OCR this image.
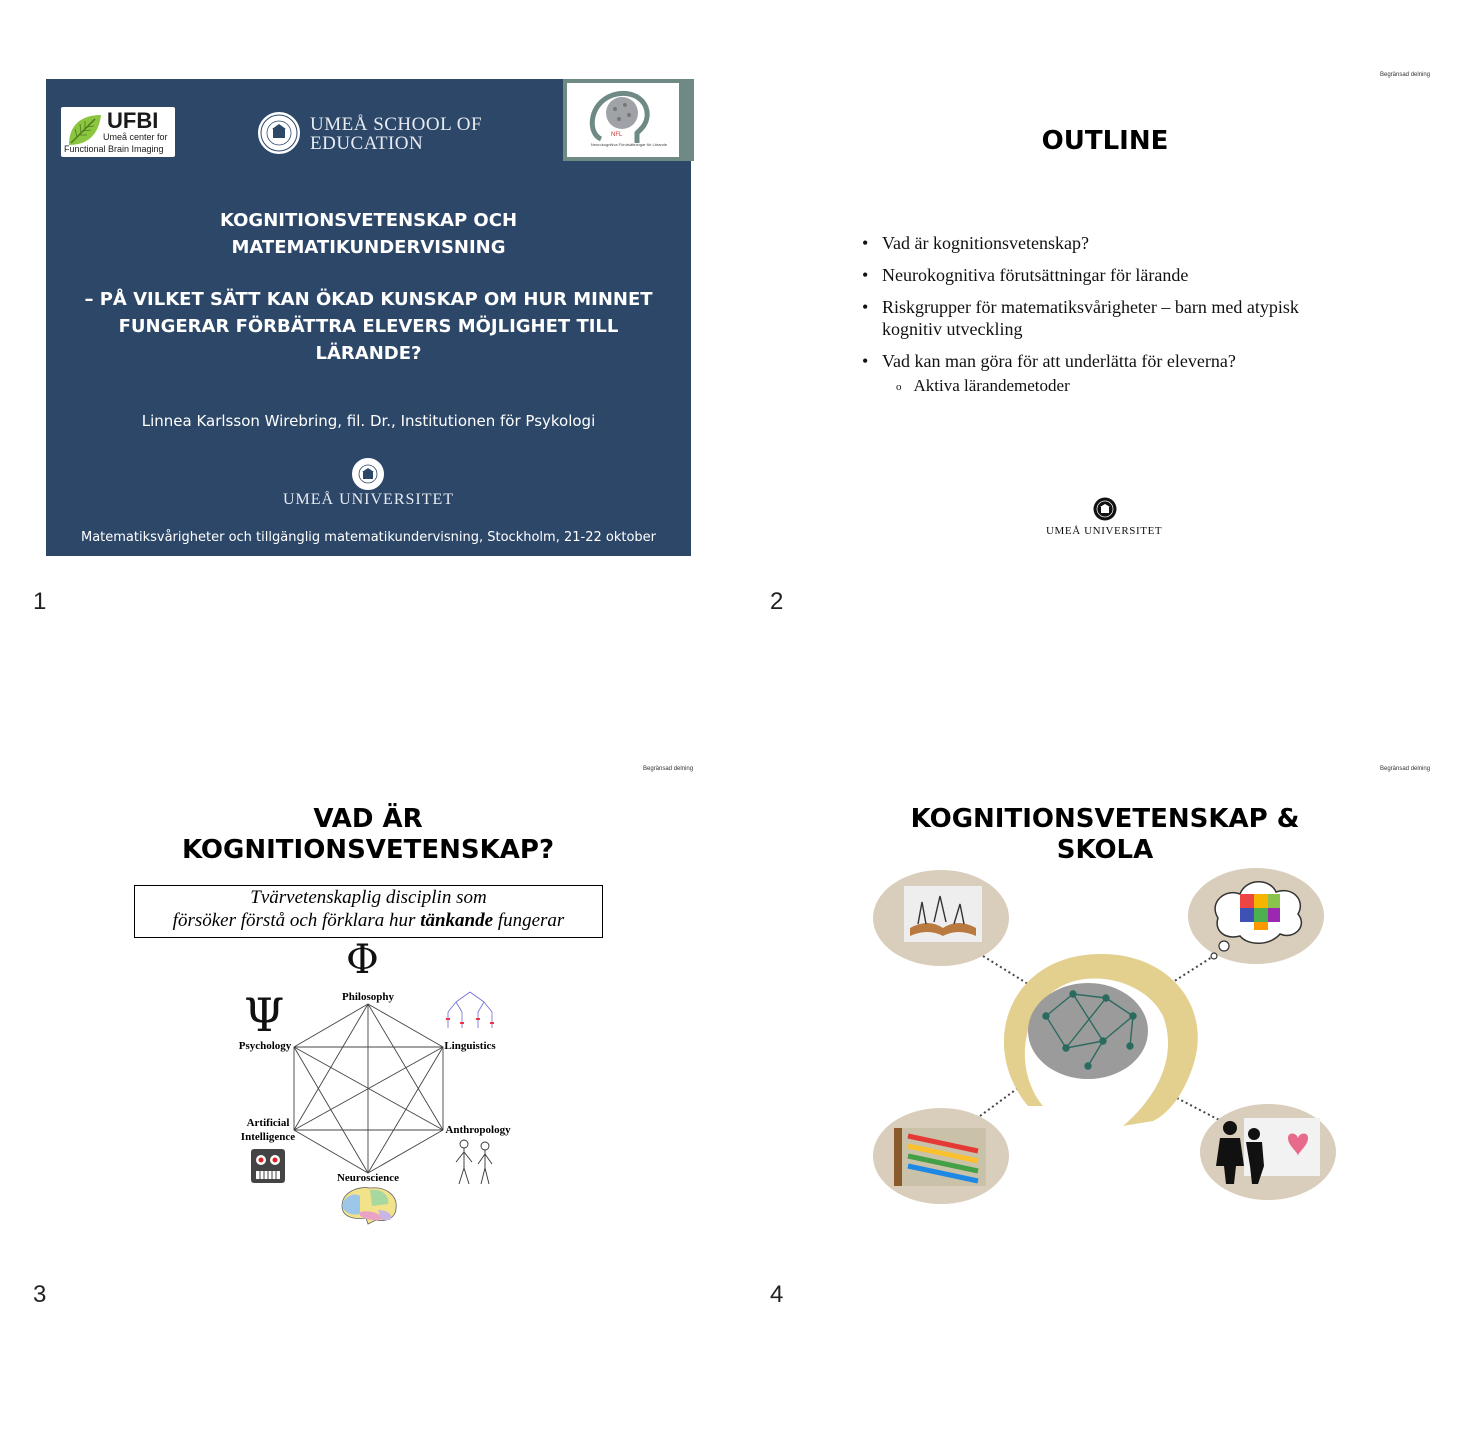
UFBI
Umeå center for
Functional Brain Imaging
UMEÅ SCHOOL OF
EDUCATION	NFL
Neurokognitiva Förutsättningar för Lärande
KOGNITIONSVETENSKAP OCH
MATEMATIKUNDERVISNING
– PÅ VILKET SÄTT KAN ÖKAD KUNSKAP OM HUR MINNET
FUNGERAR FÖRBÄTTRA ELEVERS MÖJLIGHET TILL
LÄRANDE?
Linnea Karlsson Wirebring, fil. Dr., Institutionen för Psykologi
UMEÅ UNIVERSITET
Matematiksvårigheter och tillgänglig matematikundervisning, Stockholm, 21-22 oktober
1
Begränsad delning
OUTLINE
• Vad är kognitionsvetenskap?
• Neurokognitiva förutsättningar för lärande
• Riskgrupper för matematiksvårigheter – barn med atypisk kognitiv utveckling
• Vad kan man göra för att underlätta för eleverna?
o Aktiva lärandemetoder
UMEÅ UNIVERSITET
2
Begränsad delning
VAD ÄR
KOGNITIONSVETENSKAP?
Tvärvetenskaplig disciplin som
försöker förstå och förklara hur tänkande fungerar
Φ
Philosophy
Ψ
Psychology	Linguistics
Artificial
Intelligence
Anthropology
Neuroscience
3
Begränsad delning
KOGNITIONSVETENSKAP &
SKOLA
4
